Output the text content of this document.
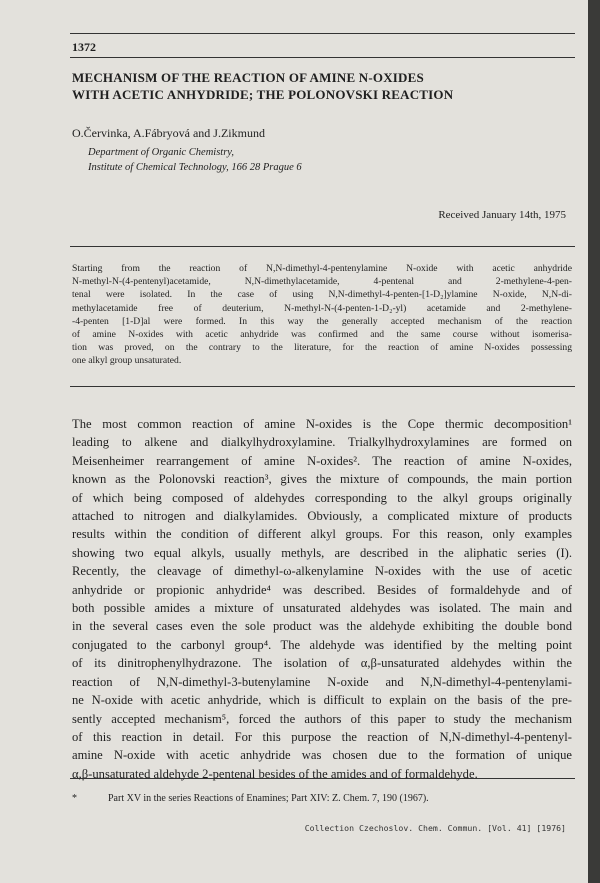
1372
MECHANISM OF THE REACTION OF AMINE N-OXIDES
WITH ACETIC ANHYDRIDE; THE POLONOVSKI REACTION
O.Červinka, A.Fábryová and J.Zikmund
Department of Organic Chemistry,
Institute of Chemical Technology, 166 28 Prague 6
Received January 14th, 1975
Starting from the reaction of N,N-dimethyl-4-pentenylamine N-oxide with acetic anhydride
N-methyl-N-(4-pentenyl)acetamide, N,N-dimethylacetamide, 4-pentenal and 2-methylene-4-pen-
tenal were isolated. In the case of using N,N-dimethyl-4-penten-[1-D₂]ylamine N-oxide, N,N-di-
methylacetamide free of deuterium, N-methyl-N-(4-penten-1-D₂-yl) acetamide and 2-methylene-
-4-penten [1-D]al were formed. In this way the generally accepted mechanism of the reaction
of amine N-oxides with acetic anhydride was confirmed and the same course without isomerisa-
tion was proved, on the contrary to the literature, for the reaction of amine N-oxides possessing
one alkyl group unsaturated.
The most common reaction of amine N-oxides is the Cope thermic decomposition¹
leading to alkene and dialkylhydroxylamine. Trialkylhydroxylamines are formed on
Meisenheimer rearrangement of amine N-oxides². The reaction of amine N-oxides,
known as the Polonovski reaction³, gives the mixture of compounds, the main portion
of which being composed of aldehydes corresponding to the alkyl groups originally
attached to nitrogen and dialkylamides. Obviously, a complicated mixture of products
results within the condition of different alkyl groups. For this reason, only examples
showing two equal alkyls, usually methyls, are described in the aliphatic series (I).
Recently, the cleavage of dimethyl-ω-alkenylamine N-oxides with the use of acetic
anhydride or propionic anhydride⁴ was described. Besides of formaldehyde and of
both possible amides a mixture of unsaturated aldehydes was isolated. The main and
in the several cases even the sole product was the aldehyde exhibiting the double bond
conjugated to the carbonyl group⁴. The aldehyde was identified by the melting point
of its dinitrophenylhydrazone. The isolation of α,β-unsaturated aldehydes within the
reaction of N,N-dimethyl-3-butenylamine N-oxide and N,N-dimethyl-4-pentenylami-
ne N-oxide with acetic anhydride, which is difficult to explain on the basis of the pre-
sently accepted mechanism⁵, forced the authors of this paper to study the mechanism
of this reaction in detail. For this purpose the reaction of N,N-dimethyl-4-pentenyl-
amine N-oxide with acetic anhydride was chosen due to the formation of unique
α,β-unsaturated aldehyde 2-pentenal besides of the amides and of formaldehyde.
*	Part XV in the series Reactions of Enamines; Part XIV: Z. Chem. 7, 190 (1967).
Collection Czechoslov. Chem. Commun. [Vol. 41] [1976]
